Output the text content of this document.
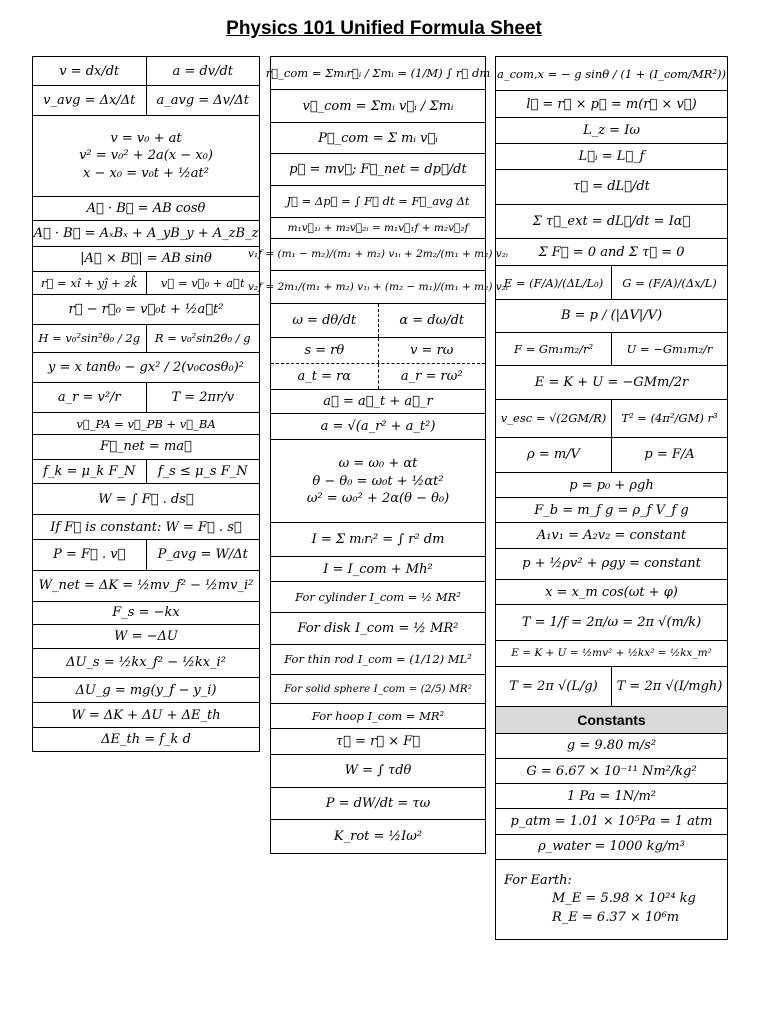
Physics 101 Unified Formula Sheet
v = dx/dt	a = dv/dt
v_avg = Δx/Δt	a_avg = Δv/Δt
v = v₀ + at
v² = v₀² + 2a(x − x₀)
x − x₀ = v₀t + ½at²
A⃗ · B⃗ = AB cosθ
A⃗ · B⃗ = AₓBₓ + A_yB_y + A_zB_z
|A⃗ × B⃗| = AB sinθ
r⃗ = xî + yĵ + zk̂	v⃗ = v⃗₀ + a⃗t
r⃗ − r⃗₀ = v⃗₀t + ½a⃗t²
H = v₀²sin²θ₀ / 2g	R = v₀²sin2θ₀ / g
y = x tanθ₀ − gx² / 2(v₀cosθ₀)²
a_r = v²/r	T = 2πr/v
v⃗_PA = v⃗_PB + v⃗_BA
F⃗_net = ma⃗
f_k = μ_k F_N	f_s ≤ μ_s F_N
W = ∫ F⃗ . ds⃗
If F⃗ is constant: W = F⃗ . s⃗
P = F⃗ . v⃗	P_avg = W/Δt
W_net = ΔK = ½mv_f² − ½mv_i²
F_s = −kx
W = −ΔU
ΔU_s = ½kx_f² − ½kx_i²
ΔU_g = mg(y_f − y_i)
W = ΔK + ΔU + ΔE_th
ΔE_th = f_k d
r⃗_com = Σmᵢr⃗ᵢ / Σmᵢ = (1/M) ∫ r⃗ dm
v⃗_com = Σmᵢ v⃗ᵢ / Σmᵢ
P⃗_com = Σ mᵢ v⃗ᵢ
p⃗ = mv⃗; F⃗_net = dp⃗/dt
J⃗ = Δp⃗ = ∫ F⃗ dt = F⃗_avg Δt
m₁v⃗₁ᵢ + m₂v⃗₂ᵢ = m₁v⃗₁f + m₂v⃗₂f
v₁f = (m₁ − m₂)/(m₁ + m₂) v₁ᵢ + 2m₂/(m₁ + m₂) v₂ᵢ
v₂f = 2m₁/(m₁ + m₂) v₁ᵢ + (m₂ − m₁)/(m₁ + m₂) v₂ᵢ
ω = dθ/dt	α = dω/dt
s = rθ	v = rω
a_t = rα	a_r = rω²
a⃗ = a⃗_t + a⃗_r
a = √(a_r² + a_t²)
ω = ω₀ + αt
θ − θ₀ = ω₀t + ½αt²
ω² = ω₀² + 2α(θ − θ₀)
I = Σ mᵢrᵢ² = ∫ r² dm
I = I_com + Mh²
For cylinder I_com = ½ MR²
For disk I_com = ½ MR²
For thin rod I_com = (1/12) ML²
For solid sphere I_com = (2/5) MR²
For hoop I_com = MR²
τ⃗ = r⃗ × F⃗
W = ∫ τdθ
P = dW/dt = τω
K_rot = ½Iω²
a_com,x = − g sinθ / (1 + (I_com/MR²))
l⃗ = r⃗ × p⃗ = m(r⃗ × v⃗)
L_z = Iω
L⃗ᵢ = L⃗_f
τ⃗ = dL⃗/dt
Σ τ⃗_ext = dL⃗/dt = Iα⃗
Σ F⃗ = 0 and Σ τ⃗ = 0
E = (F/A)/(ΔL/L₀)	G = (F/A)/(Δx/L)
B = p / (|ΔV|/V)
F = Gm₁m₂/r²	U = −Gm₁m₂/r
E = K + U = −GMm/2r
v_esc = √(2GM/R)	T² = (4π²/GM) r³
ρ = m/V	p = F/A
p = p₀ + ρgh
F_b = m_f g = ρ_f V_f g
A₁v₁ = A₂v₂ = constant
p + ½ρv² + ρgy = constant
x = x_m cos(ωt + φ)
T = 1/f = 2π/ω = 2π √(m/k)
E = K + U = ½mv² + ½kx² = ½kx_m²
T = 2π √(L/g)	T = 2π √(I/mgh)
Constants
g = 9.80 m/s²
G = 6.67 × 10⁻¹¹ Nm²/kg²
1 Pa = 1N/m²
p_atm = 1.01 × 10⁵Pa = 1 atm
ρ_water = 1000 kg/m³
For Earth:
M_E = 5.98 × 10²⁴ kg
R_E = 6.37 × 10⁶m
